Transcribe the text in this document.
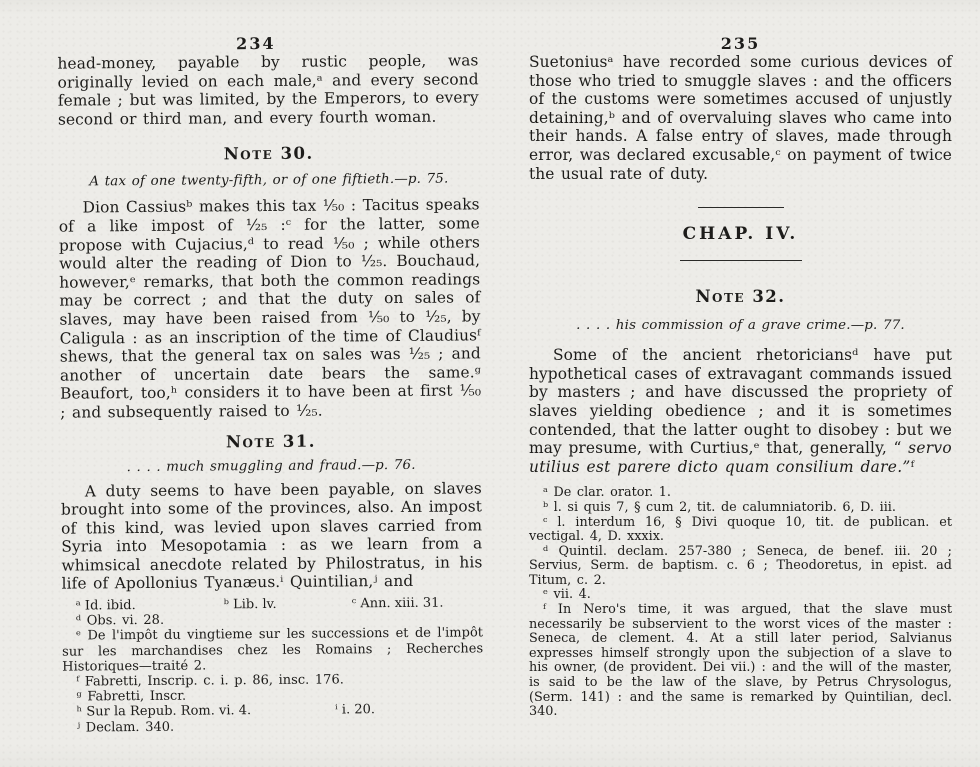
234

head-money, payable by rustic people, was originally levied on each male,ᵃ and every second female ; but was limited, by the Emperors, to every second or third man, and every fourth woman.

Note 30.

A tax of one twenty-fifth, or of one fiftieth.—p. 75.

Dion Cassiusᵇ makes this tax ¹⁄₅₀ : Tacitus speaks of a like impost of ¹⁄₂₅ :ᶜ for the latter, some propose with Cujacius,ᵈ to read ¹⁄₅₀ ; while others would alter the reading of Dion to ¹⁄₂₅. Bouchaud, however,ᵉ remarks, that both the common readings may be correct ; and that the duty on sales of slaves, may have been raised from ¹⁄₅₀ to ¹⁄₂₅, by Caligula : as an inscription of the time of Claudiusᶠ shews, that the general tax on sales was ¹⁄₂₅ ; and another of uncertain date bears the same.ᵍ Beaufort, too,ʰ considers it to have been at first ¹⁄₅₀ ; and subsequently raised to ¹⁄₂₅.

Note 31.

. . . . much smuggling and fraud.—p. 76.

A duty seems to have been payable, on slaves brought into some of the provinces, also. An impost of this kind, was levied upon slaves carried from Syria into Mesopotamia : as we learn from a whimsical anecdote related by Philostratus, in his life of Apollonius Tyanæus.ⁱ Quintilian,ʲ and

ᵃ Id. ibid.	ᵇ Lib. lv.	ᶜ Ann. xiii. 31.

ᵈ Obs. vi. 28.

ᵉ De l'impôt du vingtieme sur les successions et de l'impôt sur les marchandises chez les Romains ; Recherches Historiques—traité 2.

ᶠ Fabretti, Inscrip. c. i. p. 86, insc. 176.

ᵍ Fabretti, Inscr.

ʰ Sur la Repub. Rom. vi. 4.	ⁱ i. 20.

ʲ Declam. 340.

235

Suetoniusᵃ have recorded some curious devices of those who tried to smuggle slaves : and the officers of the customs were sometimes accused of unjustly detaining,ᵇ and of overvaluing slaves who came into their hands. A false entry of slaves, made through error, was declared excusable,ᶜ on payment of twice the usual rate of duty.

CHAP. IV.

Note 32.

. . . . his commission of a grave crime.—p. 77.

Some of the ancient rhetoriciansᵈ have put hypothetical cases of extravagant commands issued by masters ; and have discussed the propriety of slaves yielding obedience ; and it is sometimes contended, that the latter ought to disobey : but we may presume, with Curtius,ᵉ that, generally, “ servo utilius est parere dicto quam consilium dare.”ᶠ

ᵃ De clar. orator. 1.

ᵇ l. si quis 7, § cum 2, tit. de calumniatorib. 6, D. iii.

ᶜ l. interdum 16, § Divi quoque 10, tit. de publican. et vectigal. 4, D. xxxix.

ᵈ Quintil. declam. 257-380 ; Seneca, de benef. iii. 20 ; Servius, Serm. de baptism. c. 6 ; Theodoretus, in epist. ad Titum, c. 2.

ᵉ vii. 4.

ᶠ In Nero's time, it was argued, that the slave must necessarily be subservient to the worst vices of the master : Seneca, de clement. 4. At a still later period, Salvianus expresses himself strongly upon the subjection of a slave to his owner, (de provident. Dei vii.) : and the will of the master, is said to be the law of the slave, by Petrus Chrysologus, (Serm. 141) : and the same is remarked by Quintilian, decl. 340.
